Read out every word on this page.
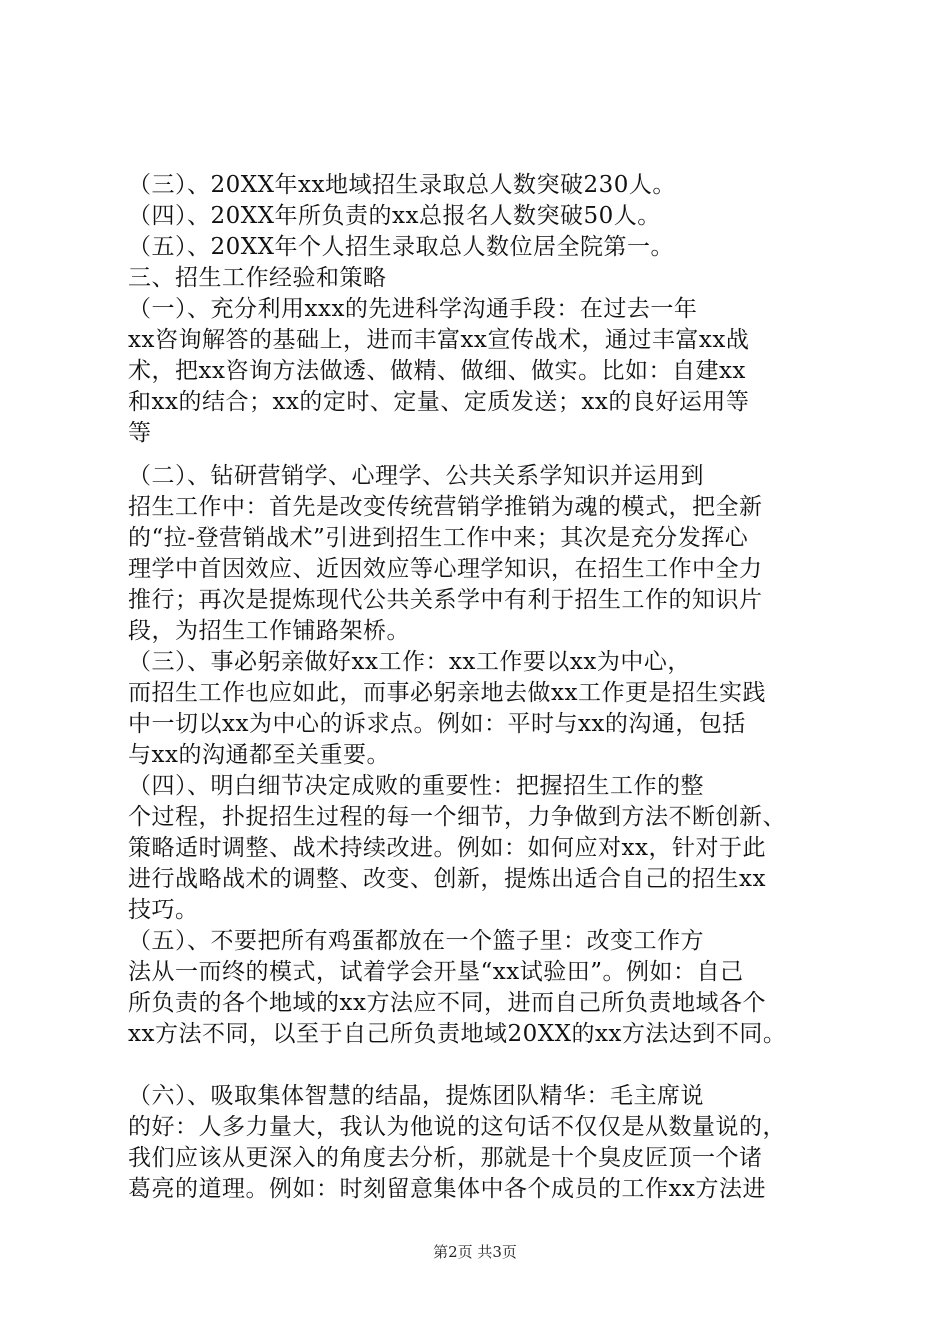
（三）、20XX年xx地域招生录取总人数突破230人。
（四）、20XX年所负责的xx总报名人数突破50人。
（五）、20XX年个人招生录取总人数位居全院第一。
三、招生工作经验和策略
（一）、充分利用xxx的先进科学沟通手段：在过去一年
xx咨询解答的基础上，进而丰富xx宣传战术，通过丰富xx战
术，把xx咨询方法做透、做精、做细、做实。比如：自建xx
和xx的结合；xx的定时、定量、定质发送；xx的良好运用等
等
（二）、钻研营销学、心理学、公共关系学知识并运用到
招生工作中：首先是改变传统营销学推销为魂的模式，把全新
的“拉-登营销战术”引进到招生工作中来；其次是充分发挥心
理学中首因效应、近因效应等心理学知识，在招生工作中全力
推行；再次是提炼现代公共关系学中有利于招生工作的知识片
段，为招生工作铺路架桥。
（三）、事必躬亲做好xx工作：xx工作要以xx为中心，
而招生工作也应如此，而事必躬亲地去做xx工作更是招生实践
中一切以xx为中心的诉求点。例如：平时与xx的沟通，包括
与xx的沟通都至关重要。
（四）、明白细节决定成败的重要性：把握招生工作的整
个过程，扑捉招生过程的每一个细节，力争做到方法不断创新、
策略适时调整、战术持续改进。例如：如何应对xx，针对于此
进行战略战术的调整、改变、创新，提炼出适合自己的招生xx
技巧。
（五）、不要把所有鸡蛋都放在一个篮子里：改变工作方
法从一而终的模式，试着学会开垦“xx试验田”。例如：自己
所负责的各个地域的xx方法应不同，进而自己所负责地域各个
xx方法不同，以至于自己所负责地域20XX的xx方法达到不同。
（六）、吸取集体智慧的结晶，提炼团队精华：毛主席说
的好：人多力量大，我认为他说的这句话不仅仅是从数量说的，
我们应该从更深入的角度去分析，那就是十个臭皮匠顶一个诸
葛亮的道理。例如：时刻留意集体中各个成员的工作xx方法进
第2页 共3页
